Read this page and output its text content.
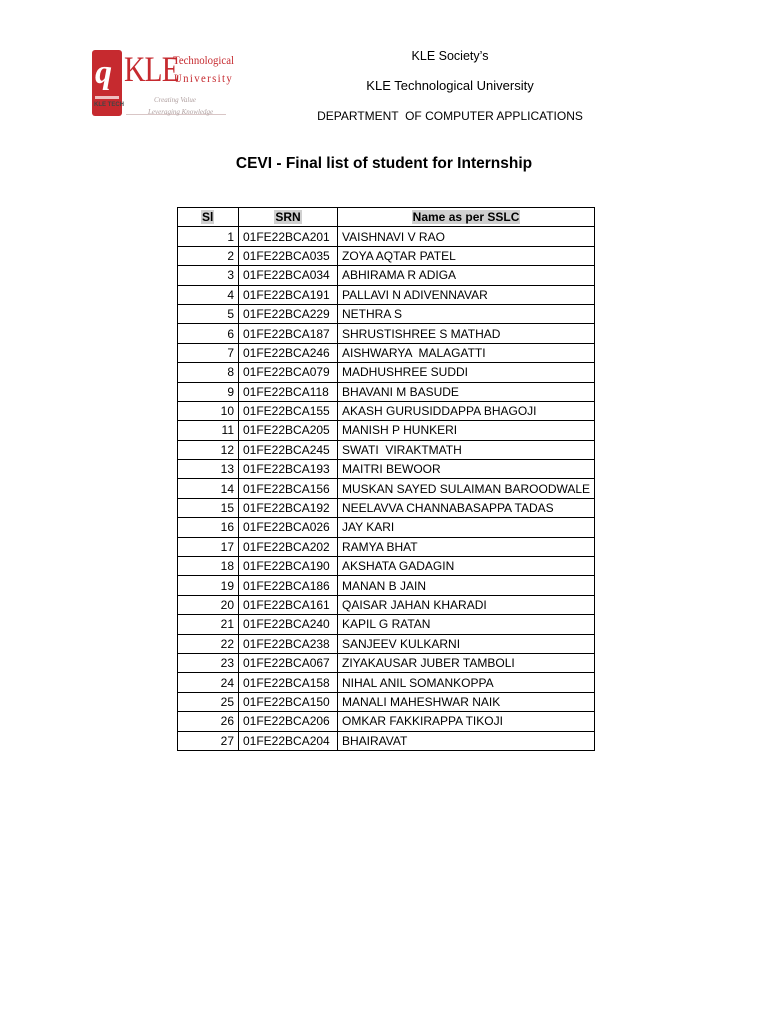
q KLE
Technological
University
Creating Value
Leveraging Knowledge
KLE TECH
KLE Society’s
KLE Technological University
DEPARTMENT  OF COMPUTER APPLICATIONS
CEVI - Final list of student for Internship
Sl	SRN	Name as per SSLC
1	01FE22BCA201	VAISHNAVI V RAO
2	01FE22BCA035	ZOYA AQTAR PATEL
3	01FE22BCA034	ABHIRAMA R ADIGA
4	01FE22BCA191	PALLAVI N ADIVENNAVAR
5	01FE22BCA229	NETHRA S
6	01FE22BCA187	SHRUSTISHREE S MATHAD
7	01FE22BCA246	AISHWARYA  MALAGATTI
8	01FE22BCA079	MADHUSHREE SUDDI
9	01FE22BCA118	BHAVANI M BASUDE
10	01FE22BCA155	AKASH GURUSIDDAPPA BHAGOJI
11	01FE22BCA205	MANISH P HUNKERI
12	01FE22BCA245	SWATI  VIRAKTMATH
13	01FE22BCA193	MAITRI BEWOOR
14	01FE22BCA156	MUSKAN SAYED SULAIMAN BAROODWALE
15	01FE22BCA192	NEELAVVA CHANNABASAPPA TADAS
16	01FE22BCA026	JAY KARI
17	01FE22BCA202	RAMYA BHAT
18	01FE22BCA190	AKSHATA GADAGIN
19	01FE22BCA186	MANAN B JAIN
20	01FE22BCA161	QAISAR JAHAN KHARADI
21	01FE22BCA240	KAPIL G RATAN
22	01FE22BCA238	SANJEEV KULKARNI
23	01FE22BCA067	ZIYAKAUSAR JUBER TAMBOLI
24	01FE22BCA158	NIHAL ANIL SOMANKOPPA
25	01FE22BCA150	MANALI MAHESHWAR NAIK
26	01FE22BCA206	OMKAR FAKKIRAPPA TIKOJI
27	01FE22BCA204	BHAIRAVAT
